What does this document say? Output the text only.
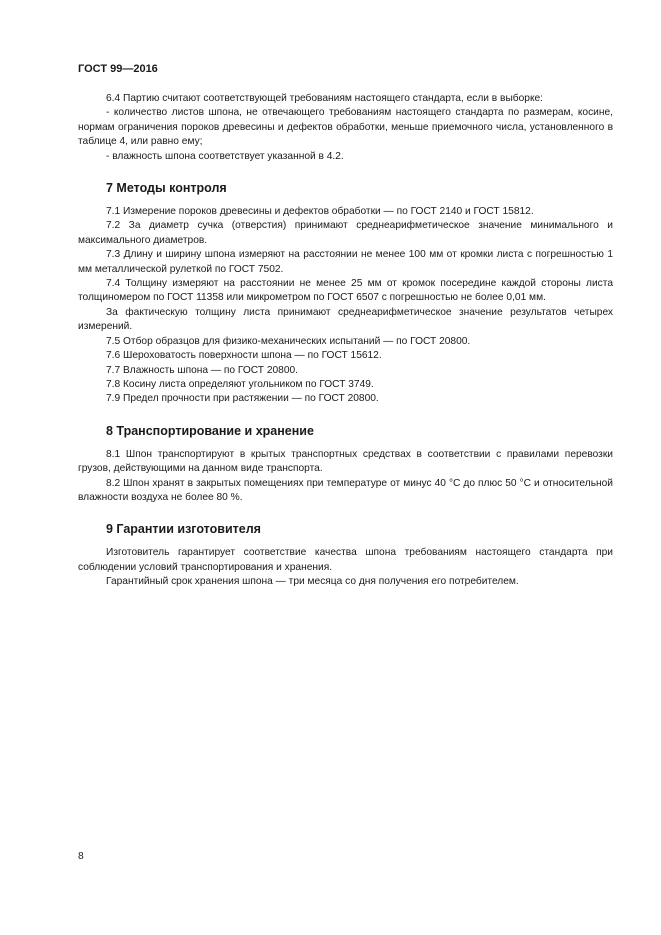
ГОСТ 99—2016

6.4 Партию считают соответствующей требованиям настоящего стандарта, если в выборке:

- количество листов шпона, не отвечающего требованиям настоящего стандарта по размерам, косине, нормам ограничения пороков древесины и дефектов обработки, меньше приемочного числа, установленного в таблице 4, или равно ему;

- влажность шпона соответствует указанной в 4.2.

7 Методы контроля

7.1 Измерение пороков древесины и дефектов обработки — по ГОСТ 2140 и ГОСТ 15812.

7.2 За диаметр сучка (отверстия) принимают среднеарифметическое значение минимального и максимального диаметров.

7.3 Длину и ширину шпона измеряют на расстоянии не менее 100 мм от кромки листа с погрешностью 1 мм металлической рулеткой по ГОСТ 7502.

7.4 Толщину измеряют на расстоянии не менее 25 мм от кромок посередине каждой стороны листа толщиномером по ГОСТ 11358 или микрометром по ГОСТ 6507 с погрешностью не более 0,01 мм.

За фактическую толщину листа принимают среднеарифметическое значение результатов четырех измерений.

7.5 Отбор образцов для физико-механических испытаний — по ГОСТ 20800.

7.6 Шероховатость поверхности шпона — по ГОСТ 15612.

7.7 Влажность шпона — по ГОСТ 20800.

7.8 Косину листа определяют угольником по ГОСТ 3749.

7.9 Предел прочности при растяжении — по ГОСТ 20800.

8 Транспортирование и хранение

8.1 Шпон транспортируют в крытых транспортных средствах в соответствии с правилами перевозки грузов, действующими на данном виде транспорта.

8.2 Шпон хранят в закрытых помещениях при температуре от минус 40 °С до плюс 50 °С и относительной влажности воздуха не более 80 %.

9 Гарантии изготовителя

Изготовитель гарантирует соответствие качества шпона требованиям настоящего стандарта при соблюдении условий транспортирования и хранения.

Гарантийный срок хранения шпона — три месяца со дня получения его потребителем.

8
